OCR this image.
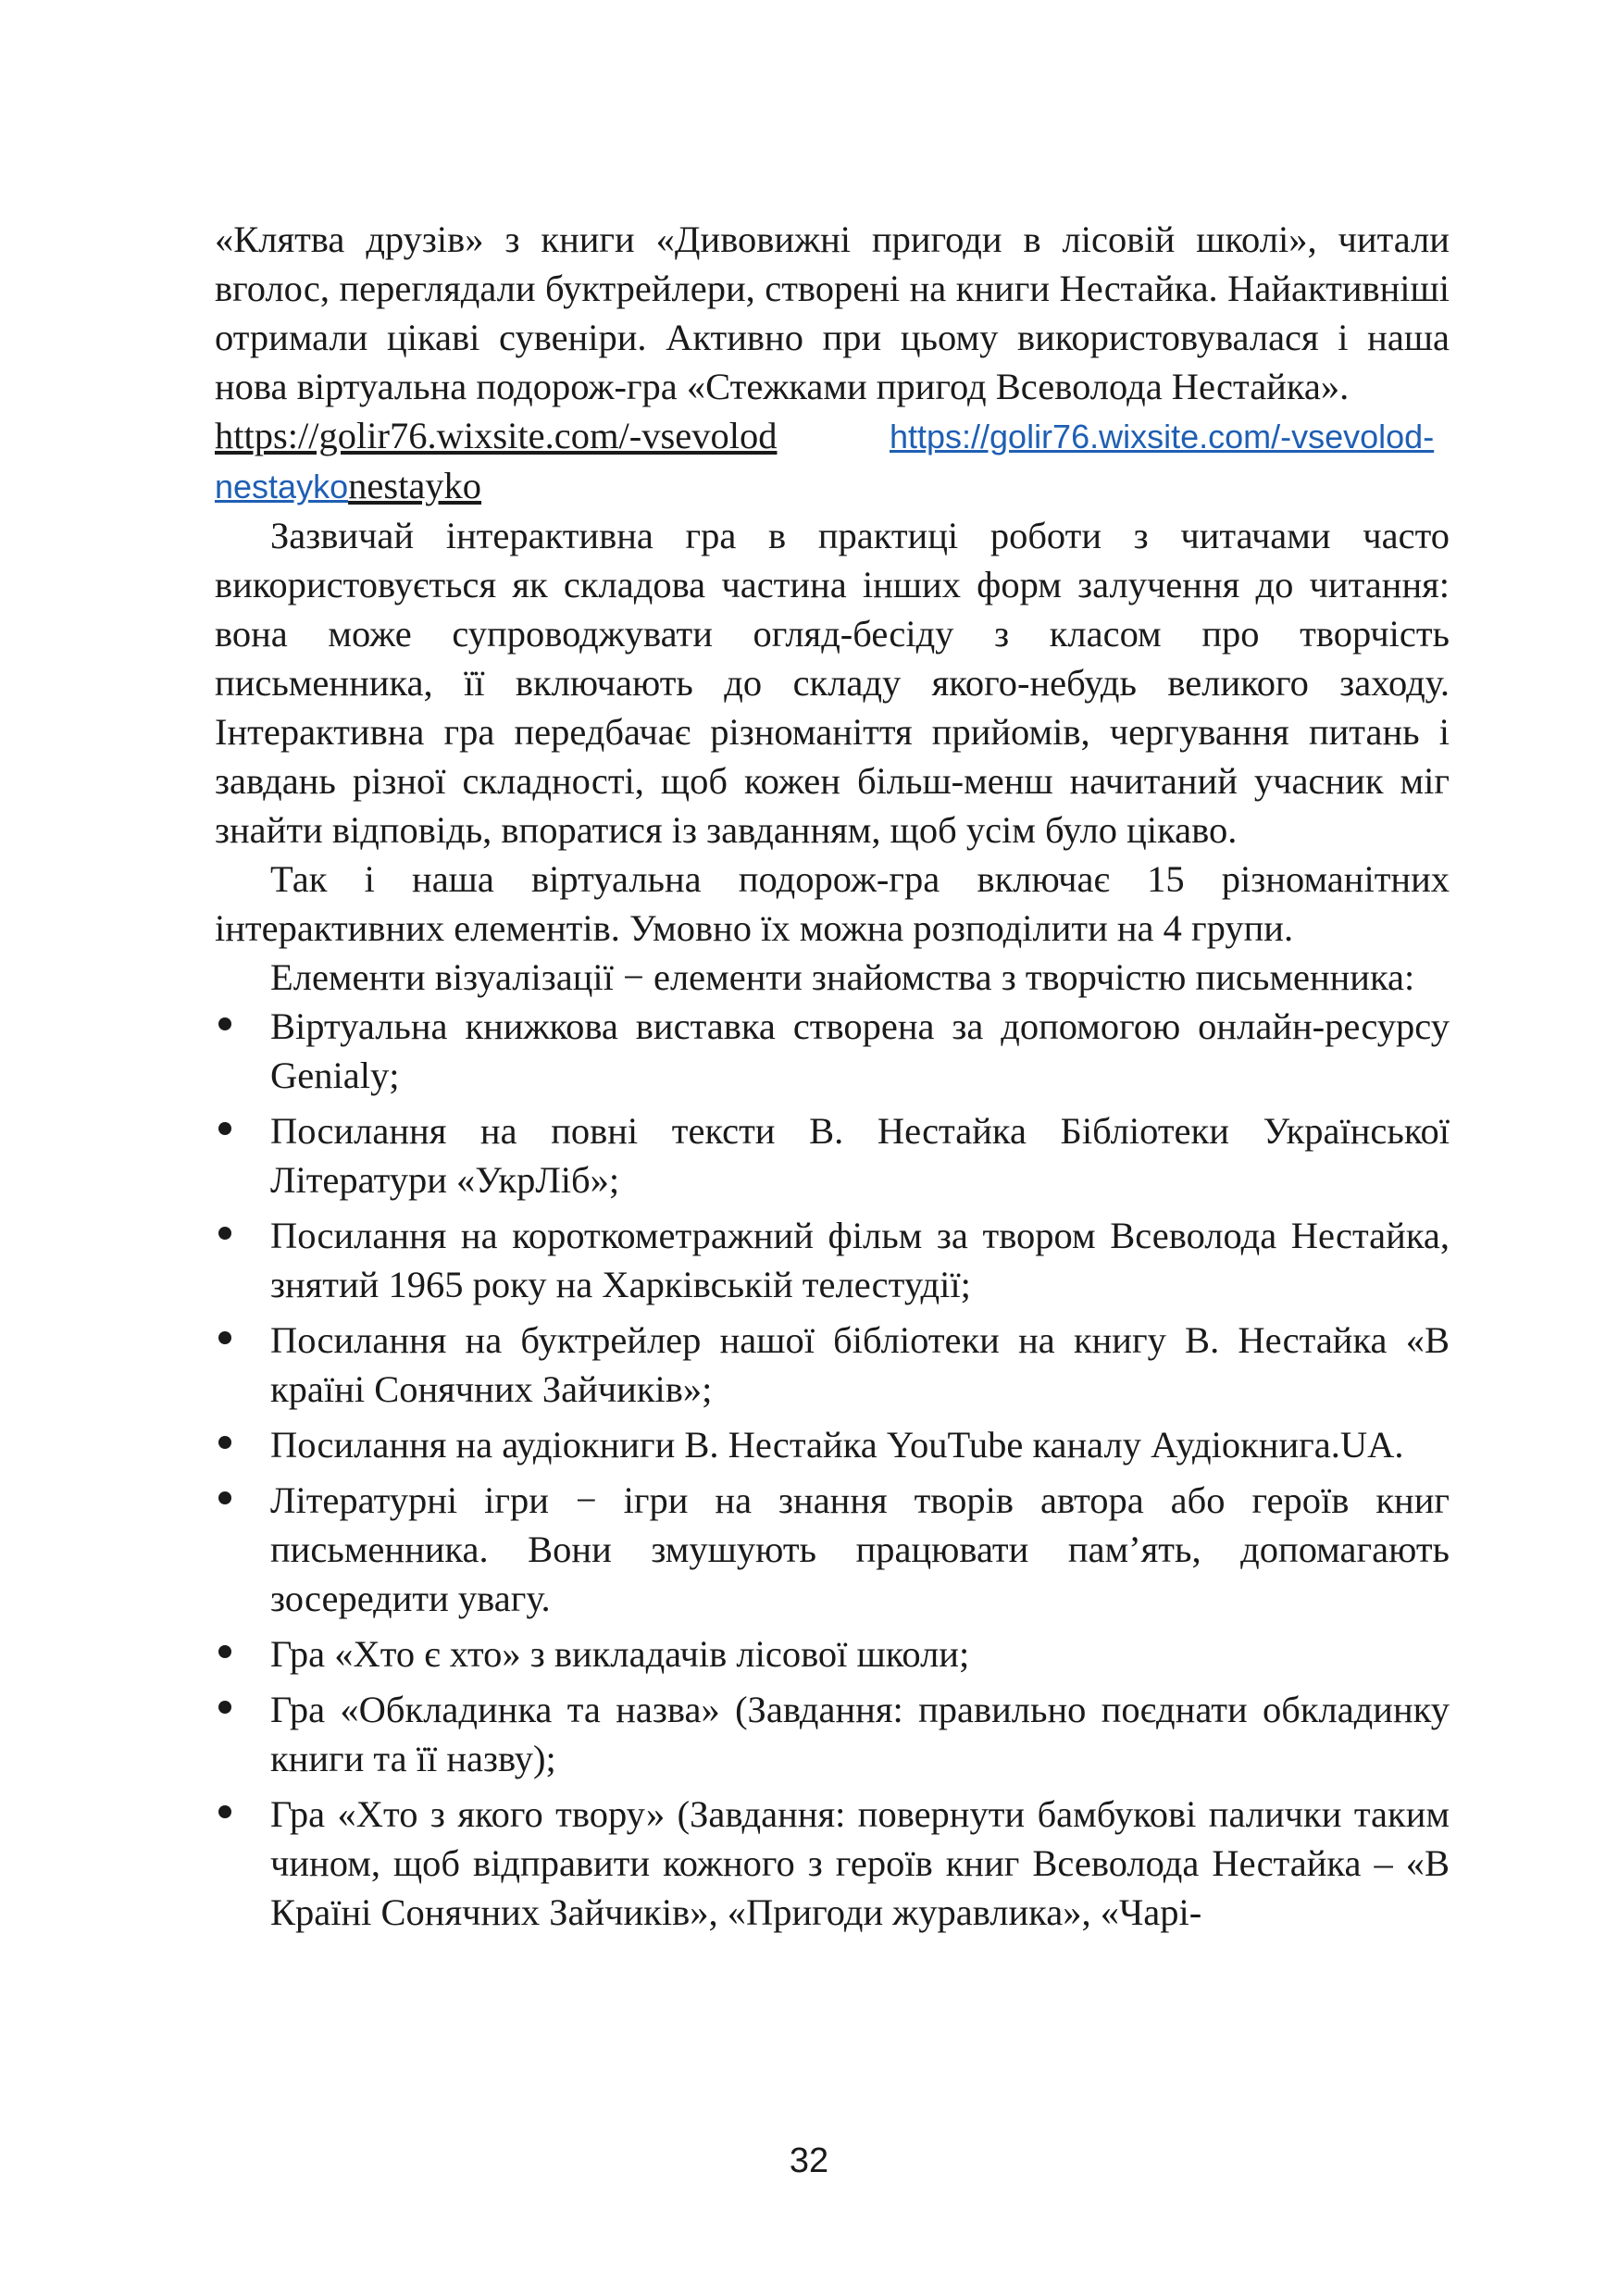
«Клятва друзів» з книги «Дивовижні пригоди в лісовій школі», читали вголос, переглядали буктрейлери, створені на книги Нестайка. Найактивніші отримали цікаві сувеніри. Активно при цьому використовувалася і наша нова віртуальна подорож-гра «Стежками пригод Всеволода Нестайка».

https://golir76.wixsite.com/-vsevolod	https://golir76.wixsite.com/-vsevolod-nestaykonestayko

Зазвичай інтерактивна гра в практиці роботи з читачами часто використовується як складова частина інших форм залучення до читання: вона може супроводжувати огляд-бесіду з класом про творчість письменника, її включають до складу якого-небудь великого заходу. Інтерактивна гра передбачає різноманіття прийомів, чергування питань і завдань різної складності, щоб кожен більш-менш начитаний учасник міг знайти відповідь, впоратися із завданням, щоб усім було цікаво.

Так і наша віртуальна подорож-гра включає 15 різноманітних інтерактивних елементів. Умовно їх можна розподілити на 4 групи.

Елементи візуалізації − елементи знайомства з творчістю письменника:

Віртуальна книжкова виставка створена за допомогою онлайн-ресурсу Genialy;
Посилання на повні тексти В. Нестайка Бібліотеки Української Літератури «УкрЛіб»;
Посилання на короткометражний фільм за твором Всеволода Нестайка, знятий 1965 року на Харківській телестудії;
Посилання на буктрейлер нашої бібліотеки на книгу В. Нестайка «В країні Сонячних Зайчиків»;
Посилання на аудіокниги В. Нестайка YouTube каналу Аудіокнига.UA.
Літературні ігри − ігри на знання творів автора або героїв книг письменника. Вони змушують працювати пам’ять, допомагають зосередити увагу.
Гра «Хто є хто» з викладачів лісової школи;
Гра «Обкладинка та назва» (Завдання: правильно поєднати обкладинку книги та її назву);
Гра «Хто з якого твору» (Завдання: повернути бамбукові палички таким чином, щоб відправити кожного з героїв книг Всеволода Нестайка – «В Країні Сонячних Зайчиків», «Пригоди журавлика», «Чарі-
32
